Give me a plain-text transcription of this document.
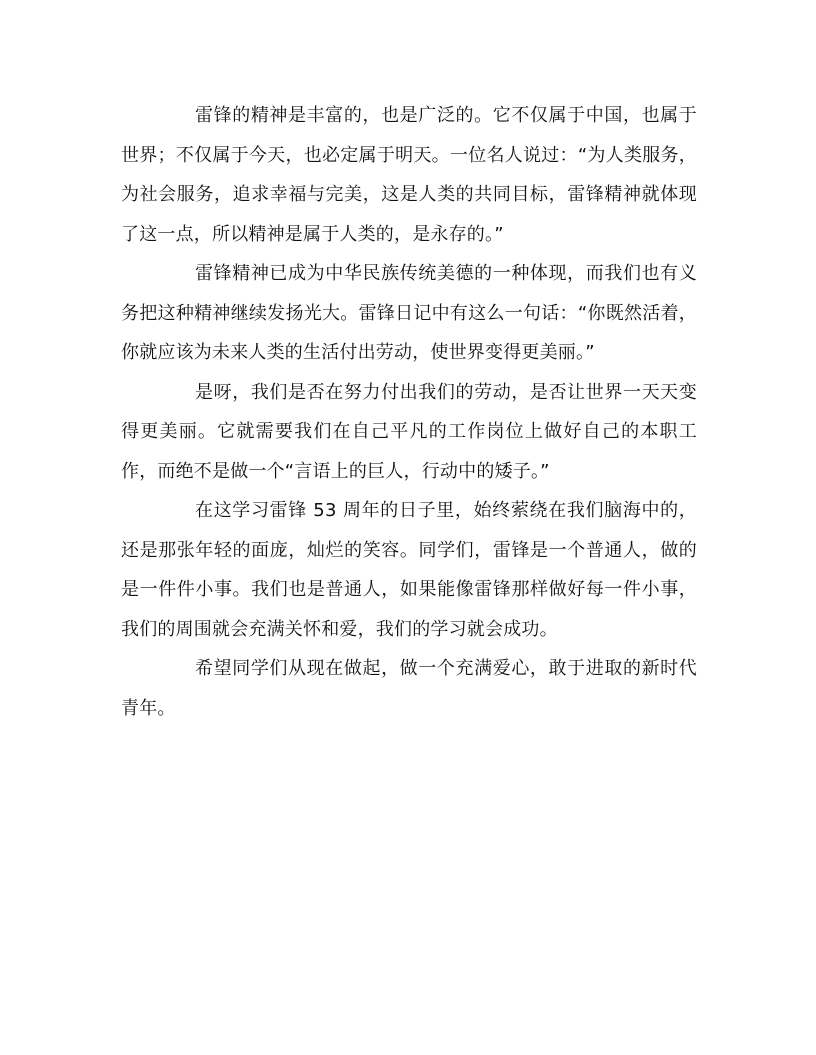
雷锋的精神是丰富的，也是广泛的。它不仅属于中国，也属于世界；不仅属于今天，也必定属于明天。一位名人说过：“为人类服务，为社会服务，追求幸福与完美，这是人类的共同目标，雷锋精神就体现了这一点，所以精神是属于人类的，是永存的。”

雷锋精神已成为中华民族传统美德的一种体现，而我们也有义务把这种精神继续发扬光大。雷锋日记中有这么一句话：“你既然活着，你就应该为未来人类的生活付出劳动，使世界变得更美丽。”

是呀，我们是否在努力付出我们的劳动，是否让世界一天天变得更美丽。它就需要我们在自己平凡的工作岗位上做好自己的本职工作，而绝不是做一个“言语上的巨人，行动中的矮子。”

在这学习雷锋 53 周年的日子里，始终萦绕在我们脑海中的，还是那张年轻的面庞，灿烂的笑容。同学们，雷锋是一个普通人，做的是一件件小事。我们也是普通人，如果能像雷锋那样做好每一件小事，我们的周围就会充满关怀和爱，我们的学习就会成功。

希望同学们从现在做起，做一个充满爱心，敢于进取的新时代青年。
